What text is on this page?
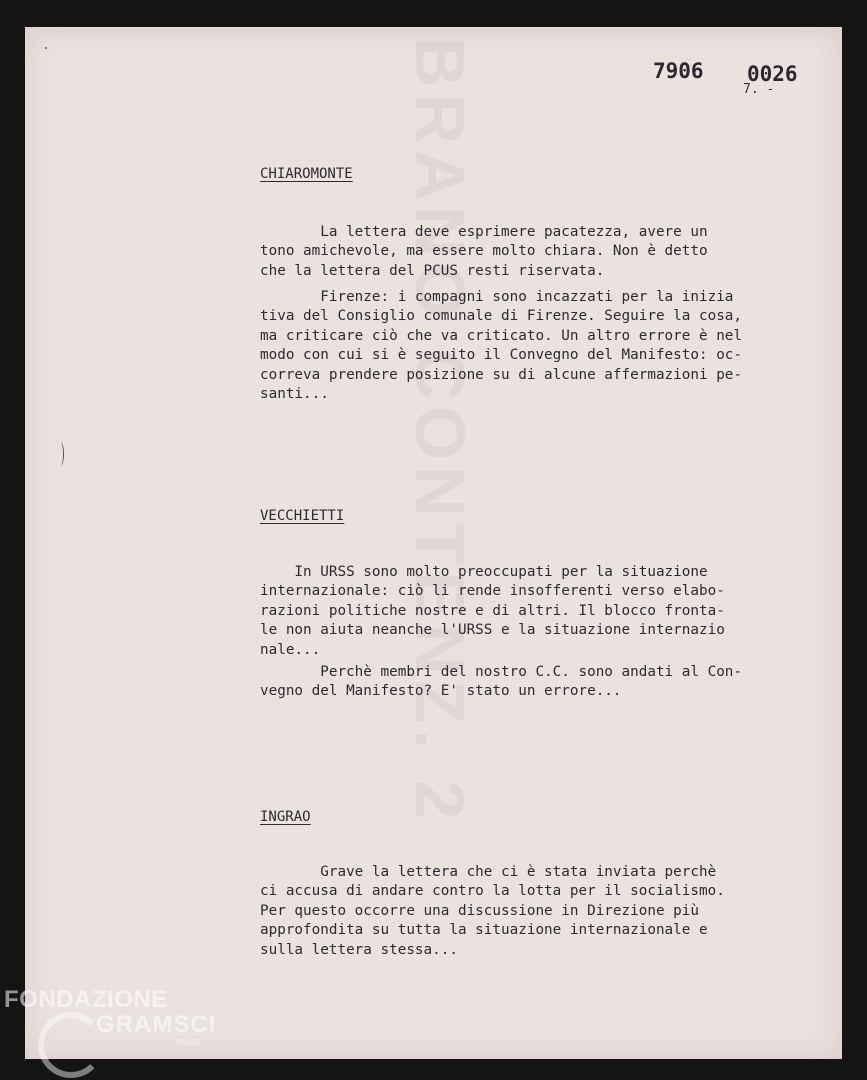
BRANO CONTENZ. 2	7906 0026
7. -
CHIAROMONTE

La lettera deve esprimere pacatezza, avere un
tono amichevole, ma essere molto chiara. Non è detto
che la lettera del PCUS resti riservata.

Firenze: i compagni sono incazzati per la inizia
tiva del Consiglio comunale di Firenze. Seguire la cosa,
ma criticare ciò che va criticato. Un altro errore è nel
modo con cui si è seguito il Convegno del Manifesto: oc-
correva prendere posizione su di alcune affermazioni pe-
santi...

VECCHIETTI

In URSS sono molto preoccupati per la situazione
internazionale: ciò li rende insofferenti verso elabo-
razioni politiche nostre e di altri. Il blocco fronta-
le non aiuta neanche l'URSS e la situazione internazio
nale...

Perchè membri del nostro C.C. sono andati al Con-
vegno del Manifesto? E' stato un errore...

INGRAO

Grave la lettera che ci è stata inviata perchè
ci accusa di andare contro la lotta per il socialismo.
Per questo occorre una discussione in Direzione più
approfondita su tutta la situazione internazionale e
sulla lettera stessa...

FONDAZIONE
GRAMSCI
onlus
